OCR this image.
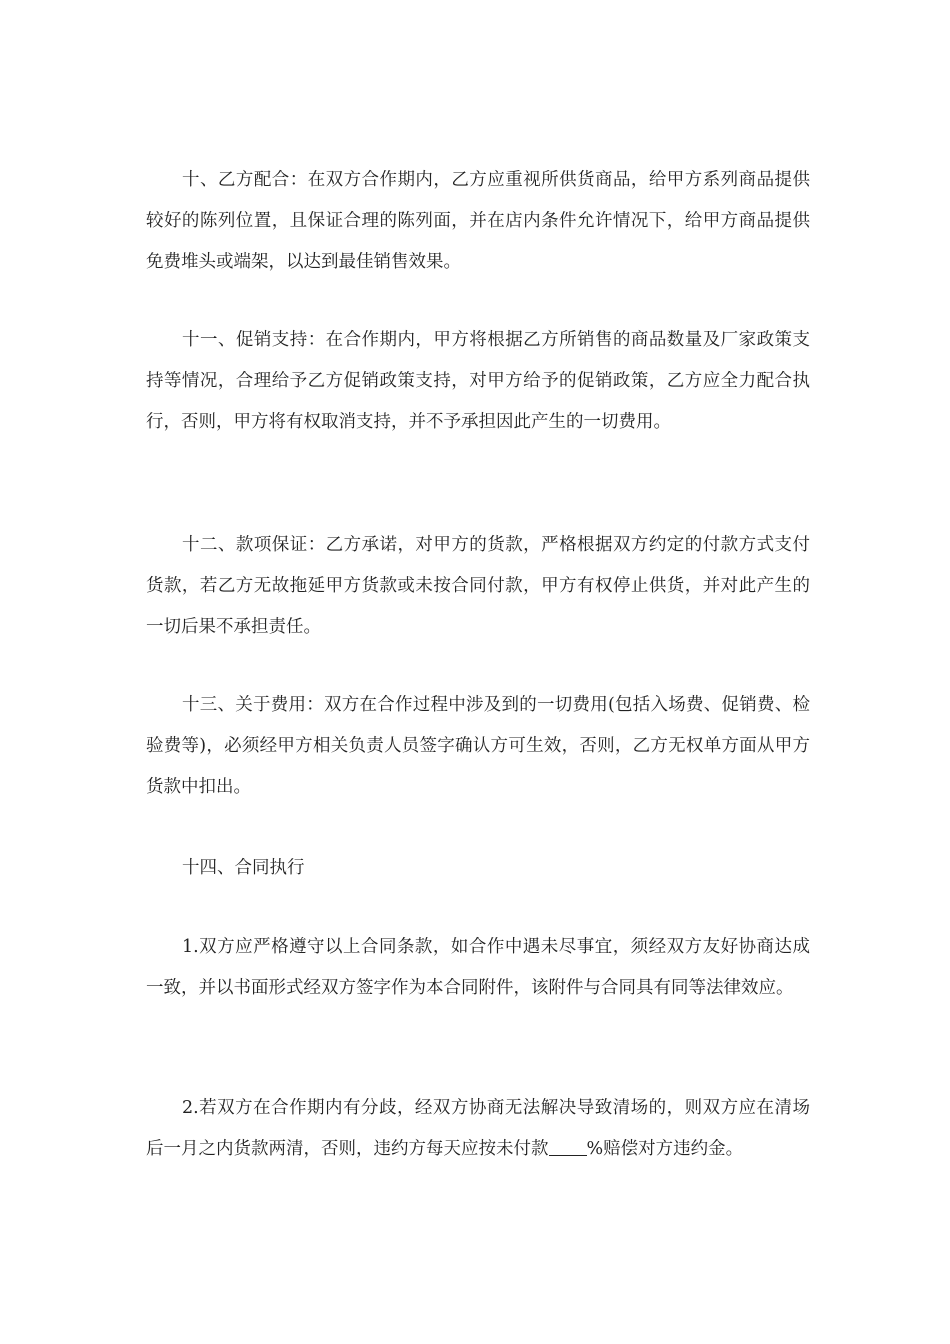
十、乙方配合：在双方合作期内，乙方应重视所供货商品，给甲方系列商品提供较好的陈列位置，且保证合理的陈列面，并在店内条件允许情况下，给甲方商品提供免费堆头或端架，以达到最佳销售效果。

十一、促销支持：在合作期内，甲方将根据乙方所销售的商品数量及厂家政策支持等情况，合理给予乙方促销政策支持，对甲方给予的促销政策，乙方应全力配合执行，否则，甲方将有权取消支持，并不予承担因此产生的一切费用。

十二、款项保证：乙方承诺，对甲方的货款，严格根据双方约定的付款方式支付货款，若乙方无故拖延甲方货款或未按合同付款，甲方有权停止供货，并对此产生的一切后果不承担责任。

十三、关于费用：双方在合作过程中涉及到的一切费用(包括入场费、促销费、检验费等)，必须经甲方相关负责人员签字确认方可生效，否则，乙方无权单方面从甲方货款中扣出。

十四、合同执行

1.双方应严格遵守以上合同条款，如合作中遇未尽事宜，须经双方友好协商达成一致，并以书面形式经双方签字作为本合同附件，该附件与合同具有同等法律效应。

2.若双方在合作期内有分歧，经双方协商无法解决导致清场的，则双方应在清场后一月之内货款两清，否则，违约方每天应按未付款 %赔偿对方违约金。
